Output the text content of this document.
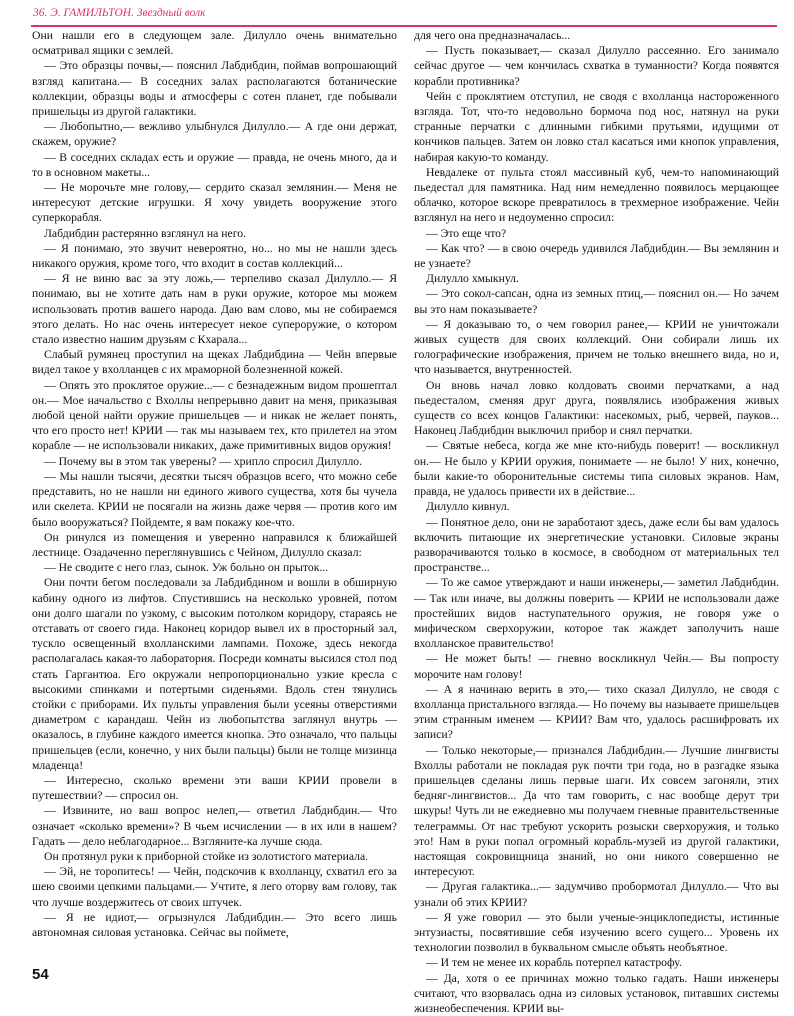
36. Э. ГАМИЛЬТОН. Звездный волк

Они нашли его в следующем зале. Дилулло очень внимательно осматривал ящики с землей.

— Это образцы почвы,— пояснил Лабдибдин, поймав вопрошающий взгляд капитана.— В соседних залах располагаются ботанические коллекции, образцы воды и атмосферы с сотен планет, где побывали пришельцы из другой галактики.

— Любопытно,— вежливо улыбнулся Дилулло.— А где они держат, скажем, оружие?

— В соседних складах есть и оружие — правда, не очень много, да и то в основном макеты...

— Не морочьте мне голову,— сердито сказал землянин.— Меня не интересуют детские игрушки. Я хочу увидеть вооружение этого суперкорабля.

Лабдибдин растерянно взглянул на него.

— Я понимаю, это звучит невероятно, но... но мы не нашли здесь никакого оружия, кроме того, что входит в состав коллекций...

— Я не виню вас за эту ложь,— терпеливо сказал Дилулло.— Я понимаю, вы не хотите дать нам в руки оружие, которое мы можем использовать против вашего народа. Даю вам слово, мы не собираемся этого делать. Но нас очень интересует некое супероружие, о котором стало известно нашим друзьям с Кхарала...

Слабый румянец проступил на щеках Лабдибдина — Чейн впервые видел такое у вхолланцев с их мраморной болезненной кожей.

— Опять это проклятое оружие...— с безнадежным видом прошептал он.— Мое начальство с Вхоллы непрерывно давит на меня, приказывая любой ценой найти оружие пришельцев — и никак не желает понять, что его просто нет! КРИИ — так мы называем тех, кто прилетел на этом корабле — не использовали никаких, даже примитивных видов оружия!

— Почему вы в этом так уверены? — хрипло спросил Дилулло.

— Мы нашли тысячи, десятки тысяч образцов всего, что можно себе представить, но не нашли ни единого живого существа, хотя бы чучела или скелета. КРИИ не посягали на жизнь даже червя — против кого им было вооружаться? Пойдемте, я вам покажу кое-что.

Он ринулся из помещения и уверенно направился к ближайшей лестнице. Озадаченно переглянувшись с Чейном, Дилулло сказал:

— Не сводите с него глаз, сынок. Уж больно он прыток...

Они почти бегом последовали за Лабдибдином и вошли в обширную кабину одного из лифтов. Спустившись на несколько уровней, потом они долго шагали по узкому, с высоким потолком коридору, стараясь не отставать от своего гида. Наконец коридор вывел их в просторный зал, тускло освещенный вхолланскими лампами. Похоже, здесь некогда располагалась какая-то лаборатория. Посреди комнаты высился стол под стать Гаргантюа. Его окружали непропорционально узкие кресла с высокими спинками и потертыми сиденьями. Вдоль стен тянулись стойки с приборами. Их пульты управления были усеяны отверстиями диаметром с карандаш. Чейн из любопытства заглянул внутрь — оказалось, в глубине каждого имеется кнопка. Это означало, что пальцы пришельцев (если, конечно, у них были пальцы) были не толще мизинца младенца!

— Интересно, сколько времени эти ваши КРИИ провели в путешествии? — спросил он.

— Извините, но ваш вопрос нелеп,— ответил Лабдибдин.— Что означает «сколько времени»? В чьем исчислении — в их или в нашем? Гадать — дело неблагодарное... Взгляните-ка лучше сюда.

Он протянул руки к приборной стойке из золотистого материала.

— Эй, не торопитесь! — Чейн, подскочив к вхолланцу, схватил его за шею своими цепкими пальцами.— Учтите, я лего оторву вам голову, так что лучше воздержитесь от своих штучек.

— Я не идиот,— огрызнулся Лабдибдин.— Это всего лишь автономная силовая установка. Сейчас вы поймете,

для чего она предназначалась...

— Пусть показывает,— сказал Дилулло рассеянно. Его занимало сейчас другое — чем кончилась схватка в туманности? Когда появятся корабли противника?

Чейн с проклятием отступил, не сводя с вхолланца настороженного взгляда. Тот, что-то недовольно бормоча под нос, натянул на руки странные перчатки с длинными гибкими прутьями, идущими от кончиков пальцев. Затем он ловко стал касаться ими кнопок управления, набирая какую-то команду.

Невдалеке от пульта стоял массивный куб, чем-то напоминающий пьедестал для памятника. Над ним немедленно появилось мерцающее облачко, которое вскоре превратилось в трехмерное изображение. Чейн взглянул на него и недоуменно спросил:

— Это еще что?

— Как что? — в свою очередь удивился Лабдибдин.— Вы землянин и не узнаете?

Дилулло хмыкнул.

— Это сокол-сапсан, одна из земных птиц,— пояснил он.— Но зачем вы это нам показываете?

— Я доказываю то, о чем говорил ранее,— КРИИ не уничтожали живых существ для своих коллекций. Они собирали лишь их голографические изображения, причем не только внешнего вида, но и, что называется, внутренностей.

Он вновь начал ловко колдовать своими перчатками, а над пьедесталом, сменяя друг друга, появлялись изображения живых существ со всех концов Галактики: насекомых, рыб, червей, пауков... Наконец Лабдибдин выключил прибор и снял перчатки.

— Святые небеса, когда же мне кто-нибудь поверит! — воскликнул он.— Не было у КРИИ оружия, понимаете — не было! У них, конечно, были какие-то оборонительные системы типа силовых экранов. Нам, правда, не удалось привести их в действие...

Дилулло кивнул.

— Понятное дело, они не заработают здесь, даже если бы вам удалось включить питающие их энергетические установки. Силовые экраны разворачиваются только в космосе, в свободном от материальных тел пространстве...

— То же самое утверждают и наши инженеры,— заметил Лабдибдин.— Так или иначе, вы должны поверить — КРИИ не использовали даже простейших видов наступательного оружия, не говоря уже о мифическом сверхоружии, которое так жаждет заполучить наше вхолланское правительство!

— Не может быть! — гневно воскликнул Чейн.— Вы попросту морочите нам голову!

— А я начинаю верить в это,— тихо сказал Дилулло, не сводя с вхолланца пристального взгляда.— Но почему вы называете пришельцев этим странным именем — КРИИ? Вам что, удалось расшифровать их записи?

— Только некоторые,— признался Лабдибдин.— Лучшие лингвисты Вхоллы работали не покладая рук почти три года, но в разгадке языка пришельцев сделаны лишь первые шаги. Их совсем загоняли, этих бедняг-лингвистов... Да что там говорить, с нас вообще дерут три шкуры! Чуть ли не ежедневно мы получаем гневные правительственные телеграммы. От нас требуют ускорить розыски сверхоружия, и только это! Нам в руки попал огромный корабль-музей из другой галактики, настоящая сокровищница знаний, но они никого совершенно не интересуют.

— Другая галактика...— задумчиво пробормотал Дилулло.— Что вы узнали об этих КРИИ?

— Я уже говорил — это были ученые-энциклопедисты, истинные энтузиасты, посвятившие себя изучению всего сущего... Уровень их технологии позволил в буквальном смысле объять необъятное.

— И тем не менее их корабль потерпел катастрофу.

— Да, хотя о ее причинах можно только гадать. Наши инженеры считают, что взорвалась одна из силовых установок, питавших системы жизнеобеспечения. КРИИ вы-

54
